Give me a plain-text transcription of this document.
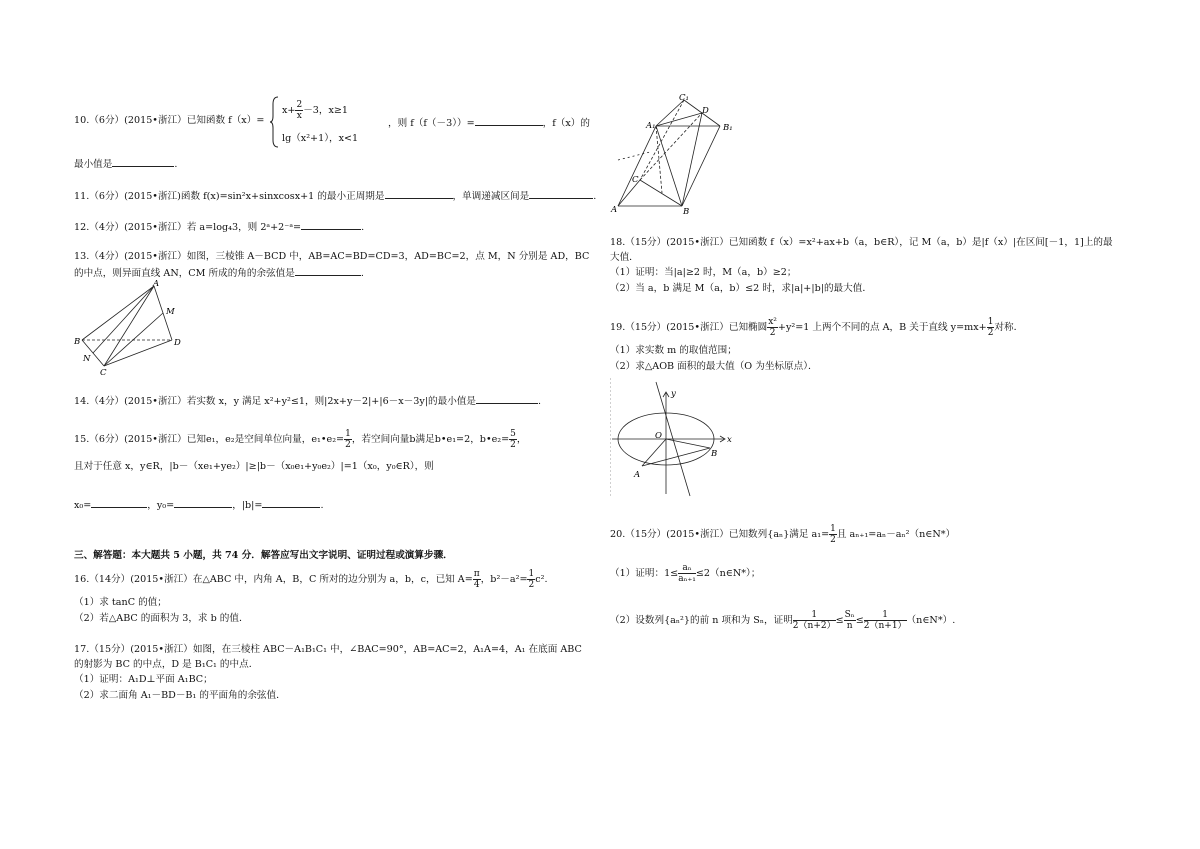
10.（6分）(2015•浙江）已知函数 f（x）=
$x+ \frac{2}{x} -3$，x≥1
lg（x²+1），x<1
，则 f（f（－3））=	，f（x）的
最小值是	.
11.（6分）(2015•浙江)函数 f(x)=sin²x+sinxcosx+1 的最小正周期是	，单调递减区间是	.
12.（4分）(2015•浙江）若 a=log₄3，则 2ᵃ+2⁻ᵃ=	.
13.（4分）(2015•浙江）如图，三棱锥 A－BCD 中，AB=AC=BD=CD=3，AD=BC=2，点 M，N 分别是 AD，BC
的中点，则异面直线 AN，CM 所成的角的余弦值是	.
A
B
C
D
M
N
14.（4分）(2015•浙江）若实数 x，y 满足 x²+y²≤1，则|2x+y－2|+|6－x－3y|的最小值是	.
15.（6分）(2015•浙江）已知e₁，e₂是空间单位向量，e₁•e₂= $\frac{1}{2}$ ，若空间向量b满足b•e₁=2，b•e₂= $\frac{5}{2}$ ，
且对于任意 x，y∈R，|b－（xe₁+ye₂）|≥|b－（x₀e₁+y₀e₂）|=1（x₀，y₀∈R），则
x₀=	，y₀=	，|b|=	.
三、解答题：本大题共 5 小题，共 74 分．解答应写出文字说明、证明过程或演算步骤．
16.（14分）(2015•浙江）在△ABC 中，内角 A，B，C 所对的边分别为 a，b，c，已知 $A= \frac{\pi}{4}$ ，$b^2-a^2= \frac{1}{2} c^2$.
（1）求 tanC 的值；
（2）若△ABC 的面积为 3，求 b 的值．
17.（15分）(2015•浙江）如图，在三棱柱 ABC－A₁B₁C₁ 中，∠BAC=90°，AB=AC=2，A₁A=4，A₁ 在底面 ABC
的射影为 BC 的中点，D 是 B₁C₁ 的中点．
（1）证明：A₁D⊥平面 A₁BC；
（2）求二面角 A₁－BD－B₁ 的平面角的余弦值．
A₁	B₁
C₁
D
A	B
C
18.（15分）(2015•浙江）已知函数 f（x）=x²+ax+b（a，b∈R），记 M（a，b）是|f（x）|在区间[－1，1]上的最
大值．
（1）证明：当|a|≥2 时，M（a，b）≥2；
（2）当 a，b 满足 M（a，b）≤2 时，求|a|+|b|的最大值．
19.（15分）(2015•浙江）已知椭圆 $\frac{\text{x²}}{2} +y^2=1$ 上两个不同的点 A，B 关于直线 $y=mx+ \frac{1}{2}$ 对称．
（1）求实数 m 的取值范围；
（2）求△AOB 面积的最大值（O 为坐标原点）．
O	x
y
A
B
20.（15分）(2015•浙江）已知数列{aₙ}满足 $a_1= \frac{1}{2}$ 且 aₙ₊₁=aₙ－aₙ²（n∈N*）
（1）证明：$1\le \frac{\text{aₙ}}{\text{aₙ₊₁}}$ ≤2（n∈N*）；
（2）设数列{aₙ²}的前 n 项和为 Sₙ，证明 $\frac{1}{2(n+2)} \le \frac{\text{Sₙ}}{n} \le \frac{1}{2(n+1)}$ （n∈N*）.
